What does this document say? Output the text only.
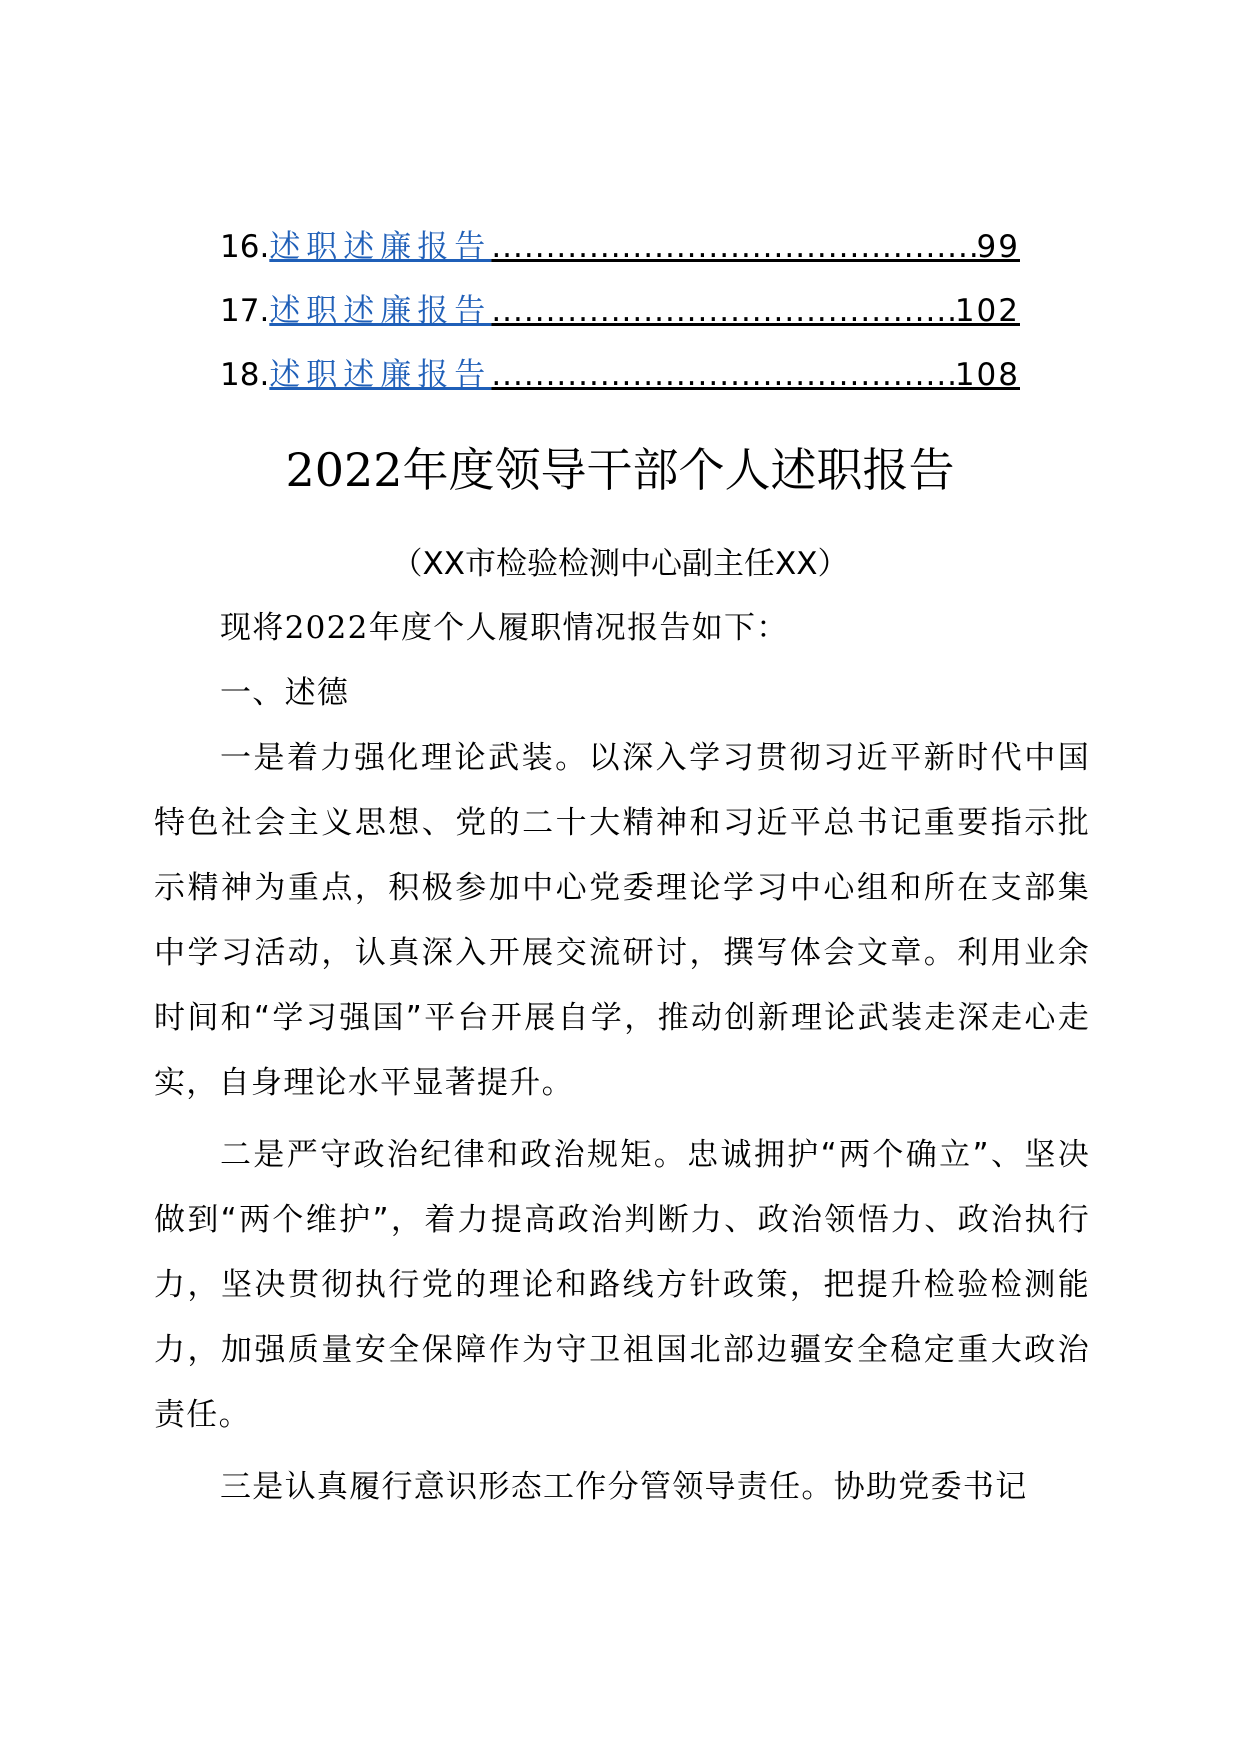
16. 述职述廉报告 .....	99
17. 述职述廉报告 .....	102
18. 述职述廉报告 .....	108
2022年度领导干部个人述职报告
（XX市检验检测中心副主任XX）

现将2022年度个人履职情况报告如下：

一、述德

一是着力强化理论武装。以深入学习贯彻习近平新时代中国特色社会主义思想、党的二十大精神和习近平总书记重要指示批示精神为重点，积极参加中心党委理论学习中心组和所在支部集中学习活动，认真深入开展交流研讨，撰写体会文章。利用业余时间和“学习强国”平台开展自学，推动创新理论武装走深走心走实，自身理论水平显著提升。

二是严守政治纪律和政治规矩。忠诚拥护“两个确立”、坚决做到“两个维护”，着力提高政治判断力、政治领悟力、政治执行力，坚决贯彻执行党的理论和路线方针政策，把提升检验检测能力，加强质量安全保障作为守卫祖国北部边疆安全稳定重大政治责任。

三是认真履行意识形态工作分管领导责任。协助党委书记
